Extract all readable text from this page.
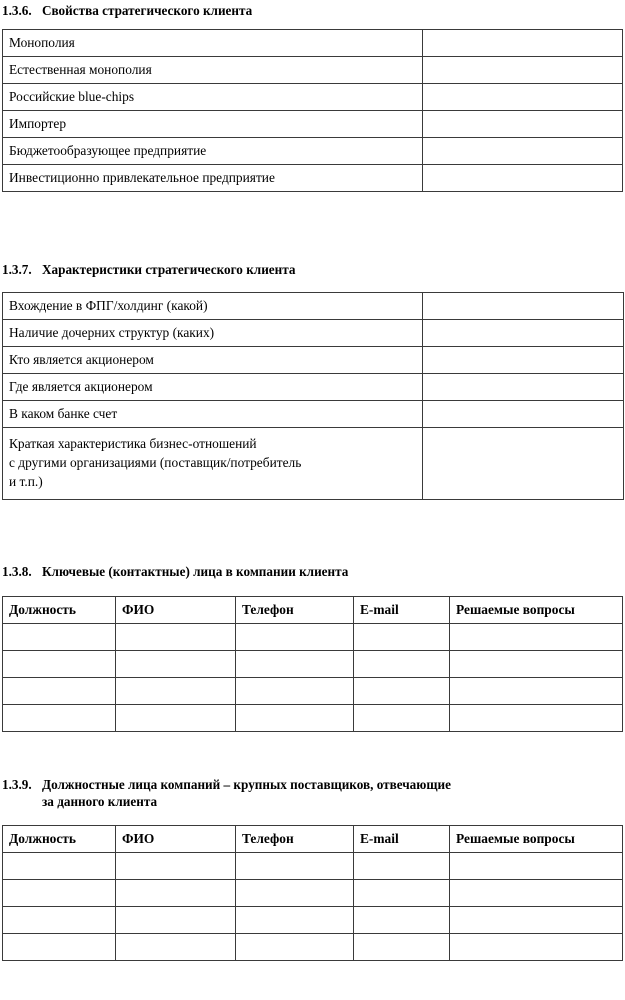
1.3.6. Свойства стратегического клиента
Монополия	
Естественная монополия	
Российские blue-chips	
Импортер	
Бюджетообразующее предприятие	
Инвестиционно привлекательное предприятие	
1.3.7. Характеристики стратегического клиента
Вхождение в ФПГ/холдинг (какой)	
Наличие дочерних структур (каких)	
Кто является акционером	
Где является акционером	
В каком банке счет	

Краткая характеристика бизнес-отношений
с другими организациями (поставщик/потребитель
и т.п.)	

1.3.8. Ключевые (контактные) лица в компании клиента
Должность	ФИО	Телефон	E-mail	Решаемые вопросы

1.3.9. Должностные лица компаний – крупных поставщиков, отвечающие
за данного клиента
Должность	ФИО	Телефон	E-mail	Решаемые вопросы
